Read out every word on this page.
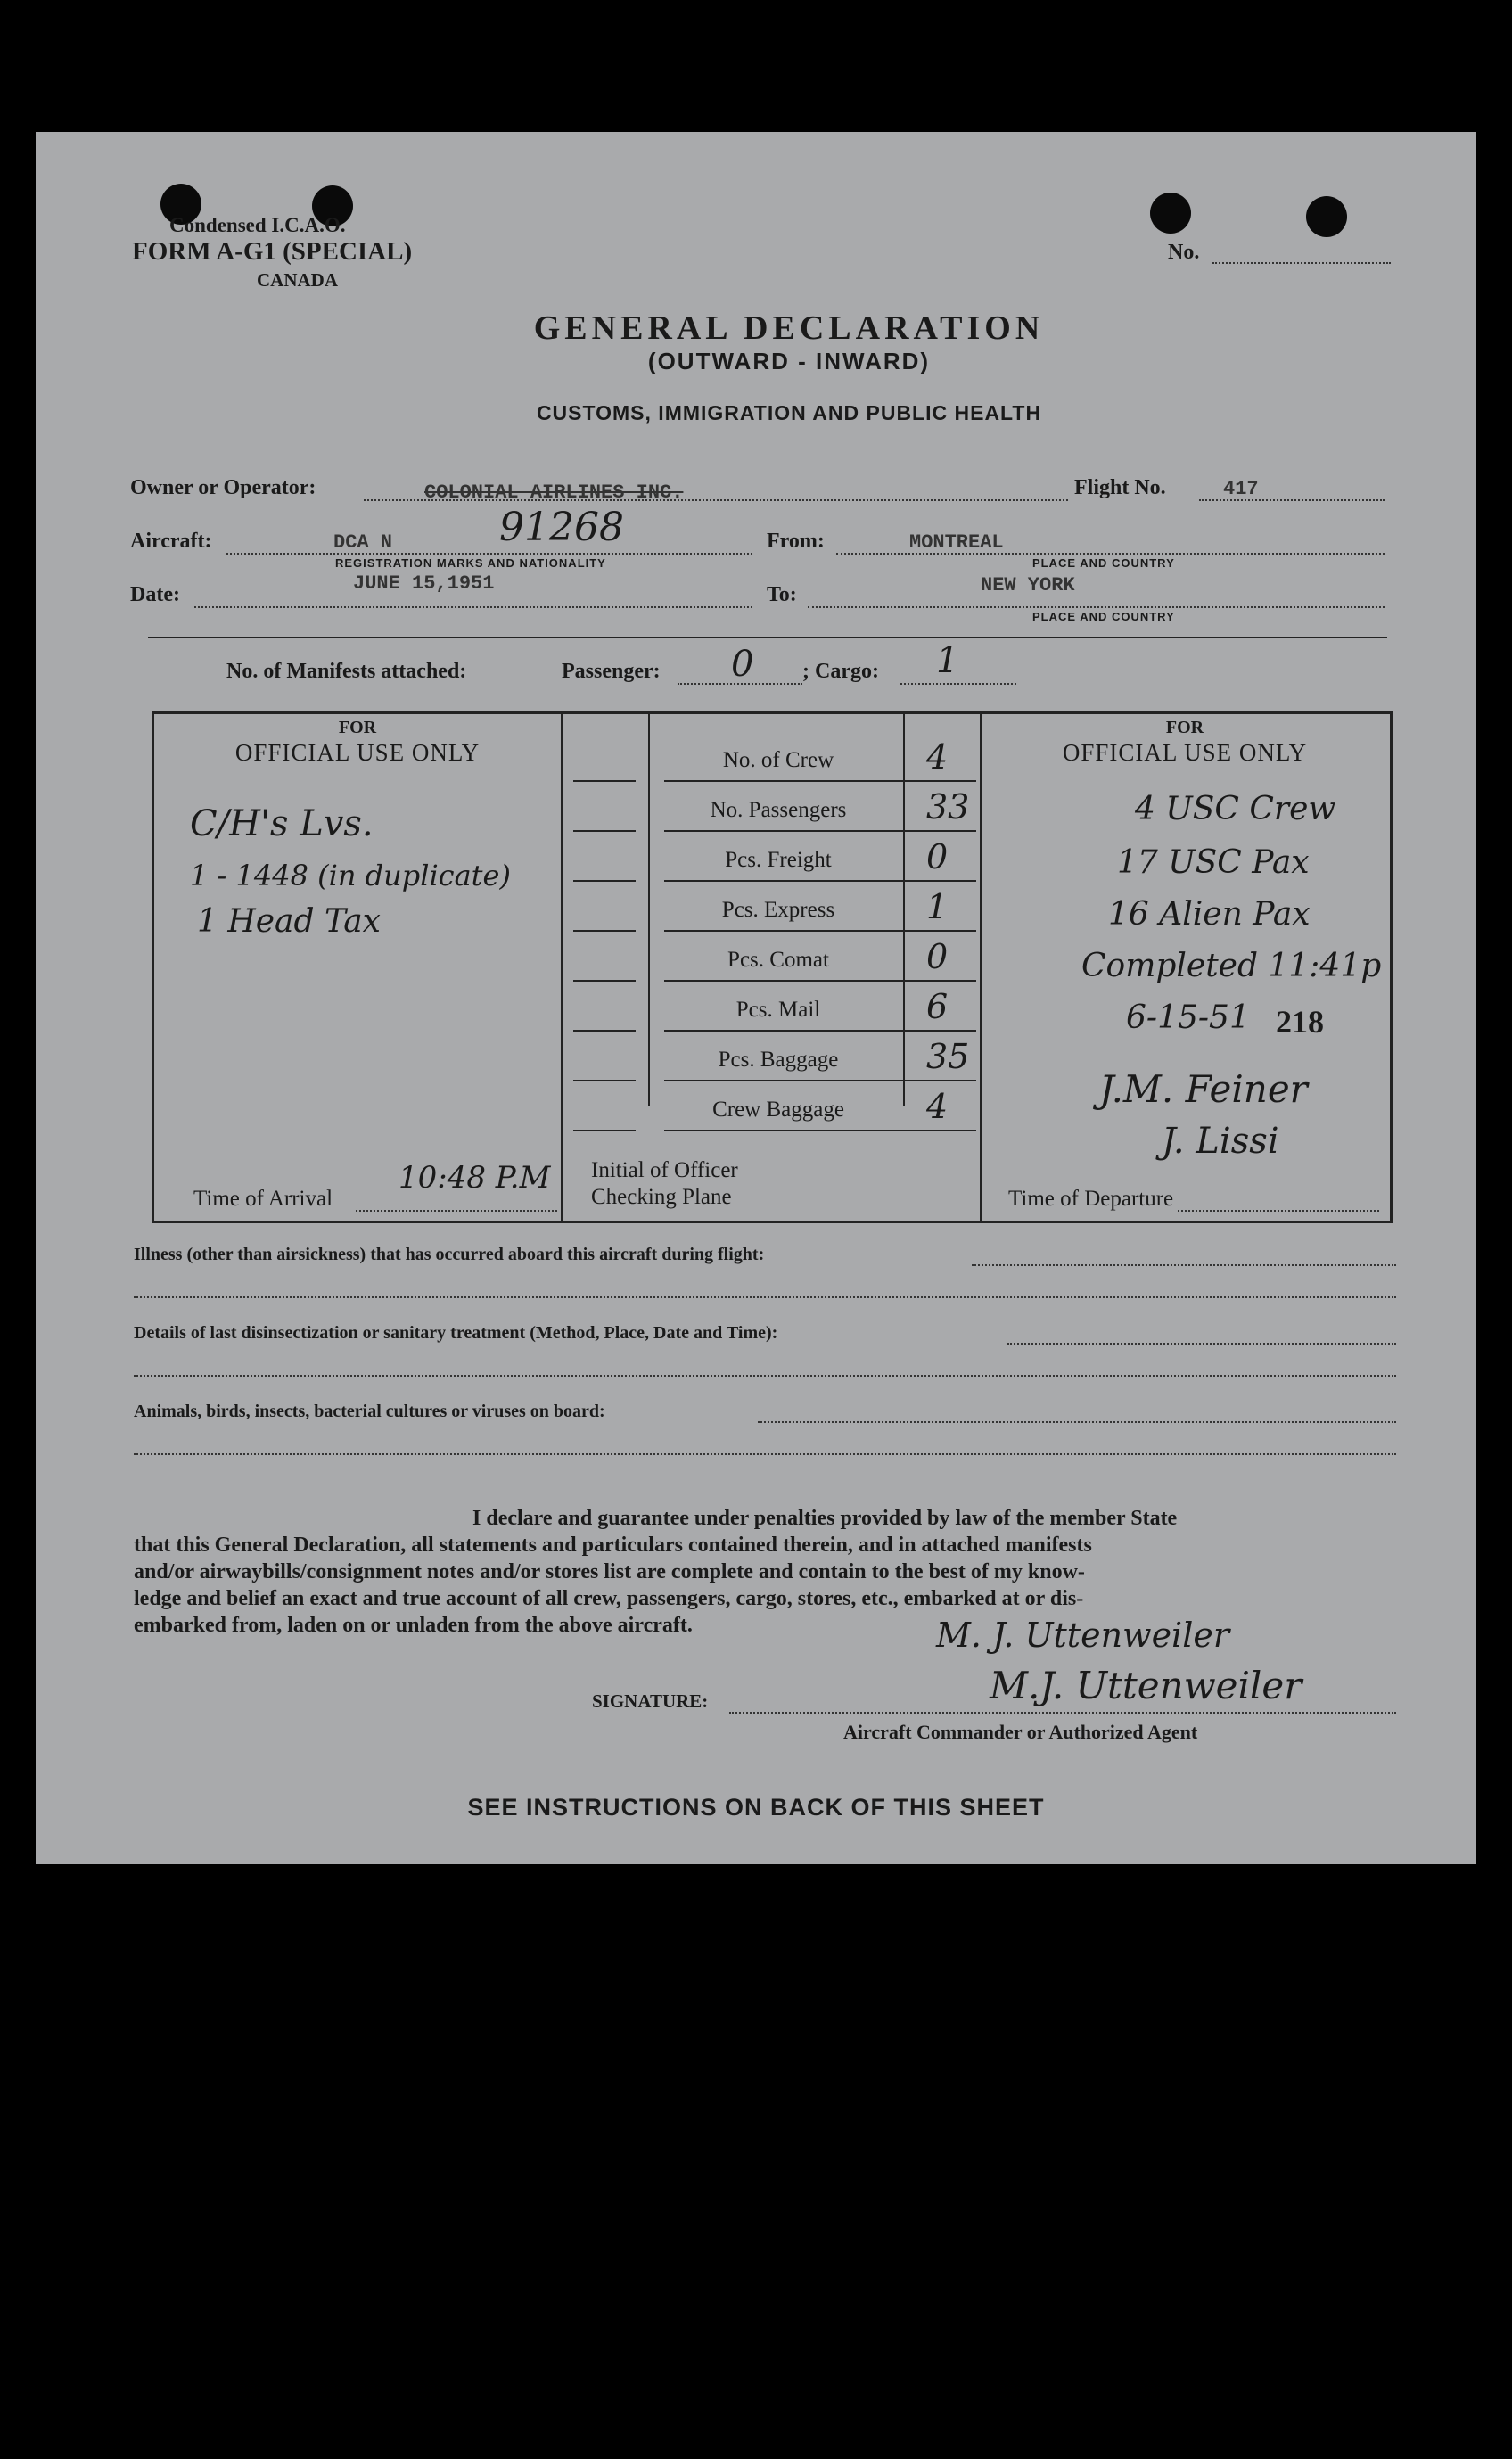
Condensed I.C.A.O.
FORM A-G1 (SPECIAL)
CANADA
No.
GENERAL DECLARATION
(OUTWARD - INWARD)
CUSTOMS, IMMIGRATION AND PUBLIC HEALTH
Owner or Operator:	COLONIAL AIRLINES INC.	Flight No.	417
Aircraft:	DCA N	91268
REGISTRATION MARKS AND NATIONALITY
From:	MONTREAL
PLACE AND COUNTRY
Date:	JUNE 15,1951	To:	NEW YORK
PLACE AND COUNTRY
No. of Manifests attached:	Passenger: 0 ; Cargo: 1
FOR
OFFICIAL USE ONLY
FOR
OFFICIAL USE ONLY
No. of Crew	4
No. Passengers	33
Pcs. Freight	0
Pcs. Express	1
Pcs. Comat	0
Pcs. Mail	6
Pcs. Baggage	35
Crew Baggage	4
C/H's Lvs.
1 - 1448 (in duplicate)
1 Head Tax
4 USC Crew
17 USC Pax
16 Alien Pax
Completed 11:41p
6-15-51 218
J.M. Feiner
J. Lissi
Time of Arrival
10:48 P.M Initial of Officer
Checking Plane	Time of Departure
Illness (other than airsickness) that has occurred aboard this aircraft during flight:
Details of last disinsectization or sanitary treatment (Method, Place, Date and Time):
Animals, birds, insects, bacterial cultures or viruses on board:
I declare and guarantee under penalties provided by law of the member State
that this General Declaration, all statements and particulars contained therein, and in attached manifests
and/or airwaybills/consignment notes and/or stores list are complete and contain to the best of my know-
ledge and belief an exact and true account of all crew, passengers, cargo, stores, etc., embarked at or dis-
embarked from, laden on or unladen from the above aircraft.	M. J. Uttenweiler
M.J. Uttenweiler
SIGNATURE:
Aircraft Commander or Authorized Agent
SEE INSTRUCTIONS ON BACK OF THIS SHEET
